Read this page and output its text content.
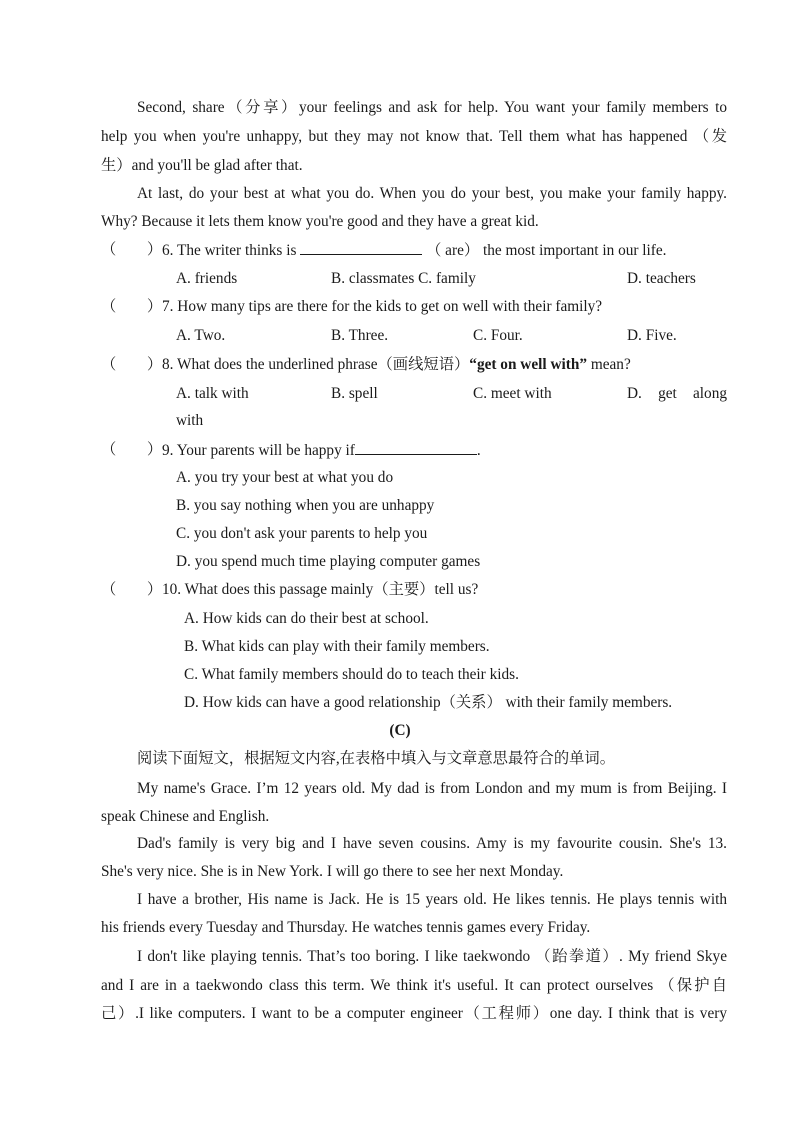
Second, share（分享）your feelings and ask for help. You want your family members to
help you when you're unhappy, but they may not know that. Tell them what has happened （发
生）and you'll be glad after that.
At last, do your best at what you do. When you do your best, you make your family happy.
Why? Because it lets them know you're good and they have a great kid.
（　　） 6. The writer thinks is	（ are） the most important in our life.
A. friends	B. classmates C. family	D. teachers
（　　） 7. How many tips are there for the kids to get on well with their family?
A. Two.	B. Three.	C. Four.	D. Five.
（　　） 8. What does the underlined phrase（画线短语）“get on well with” mean?
A. talk with	B. spell	C. meet with	D.　get　along
with
（　　） 9. Your parents will be happy if	.
A. you try your best at what you do
B. you say nothing when you are unhappy
C. you don't ask your parents to help you
D. you spend much time playing computer games
（　　） 10. What does this passage mainly（主要）tell us?
A. How kids can do their best at school.
B. What kids can play with their family members.
C. What family members should do to teach their kids.
D. How kids can have a good relationship（关系） with their family members.
(C)
阅读下面短文，根据短文内容,在表格中填入与文章意思最符合的单词。
My name's Grace. I’m 12 years old. My dad is from London and my mum is from Beijing. I
speak Chinese and English.
Dad's family is very big and I have seven cousins. Amy is my favourite cousin. She's 13.
She's very nice. She is in New York. I will go there to see her next Monday.
I have a brother, His name is Jack. He is 15 years old. He likes tennis. He plays tennis with
his friends every Tuesday and Thursday. He watches tennis games every Friday.
I don't like playing tennis. That’s too boring. I like taekwondo （跆拳道）. My friend Skye
and I are in a taekwondo class this term. We think it's useful. It can protect ourselves （保护自
己）.I like computers. I want to be a computer engineer（工程师）one day. I think that is very
